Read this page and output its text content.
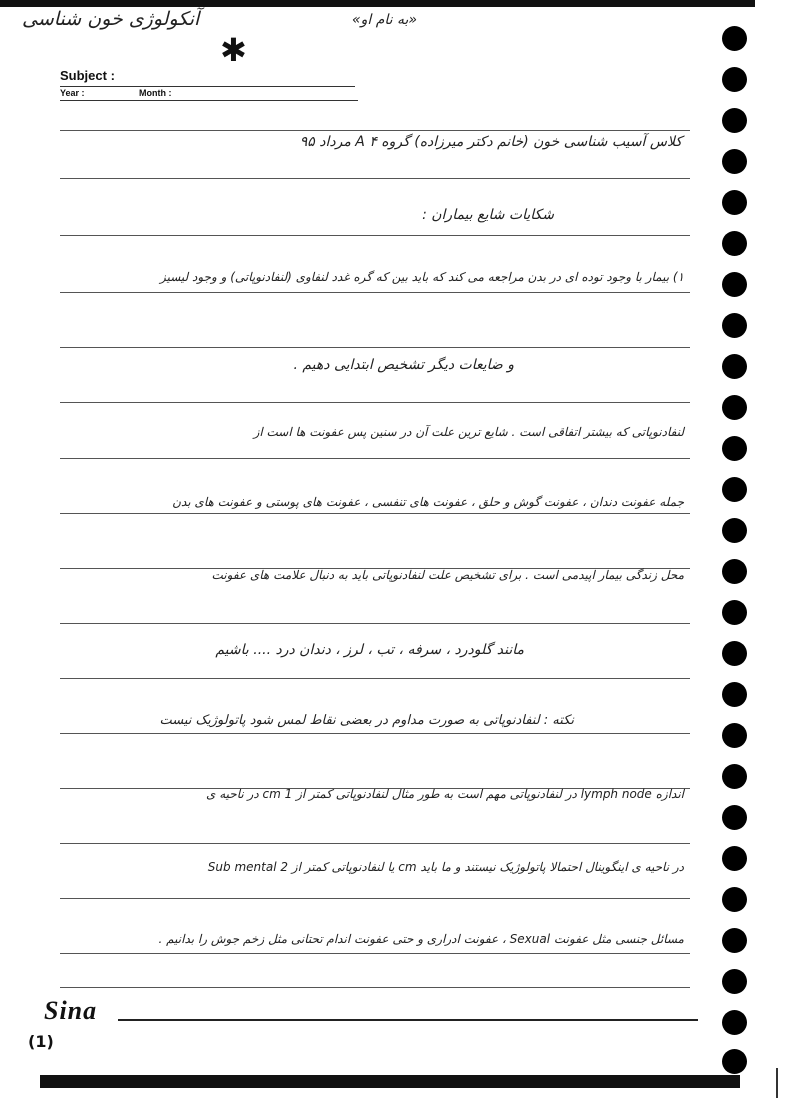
آنکولوژی خون شناسی	«به نام او»
✱
Subject :
Year :	Month :
کلاس آسیب شناسی خون (خانم دکتر میرزاده) گروه A ۴ مرداد ۹۵
شکایات شایع بیماران :
۱) بیمار با وجود توده ای در بدن مراجعه می کند که باید بین که گره غدد لنفاوی (لنفادنوپاتی) و وجود لیسیز
و ضایعات دیگر تشخیص ابتدایی دهیم .
لنفادنوپاتی که بیشتر اتفاقی است . شایع ترین علت آن در سنین پس عفونت ها است از
جمله عفونت دندان ، عفونت گوش و حلق ، عفونت های تنفسی ، عفونت های پوستی و عفونت های بدن
محل زندگی بیمار اپیدمی است . برای تشخیص علت لنفادنوپاتی باید به دنبال علامت های عفونت
مانند گلودرد ، سرفه ، تب ، لرز ، دندان درد .... باشیم
نکته : لنفادنوپاتی به صورت مداوم در بعضی نقاط لمس شود پاتولوژیک نیست
اندازه lymph node در لنفادنوپاتی مهم است به طور مثال لنفادنوپاتی کمتر از 1 cm در ناحیه ی
Sub mental یا لنفادنوپاتی کمتر از 2 cm در ناحیه ی اینگوینال احتمالا پاتولوژیک نیستند و ما باید
مسائل جنسی مثل عفونت Sexual ، عفونت ادراری و حتی عفونت اندام تحتانی مثل زخم جوش را بدانیم .
Sina
(1)
